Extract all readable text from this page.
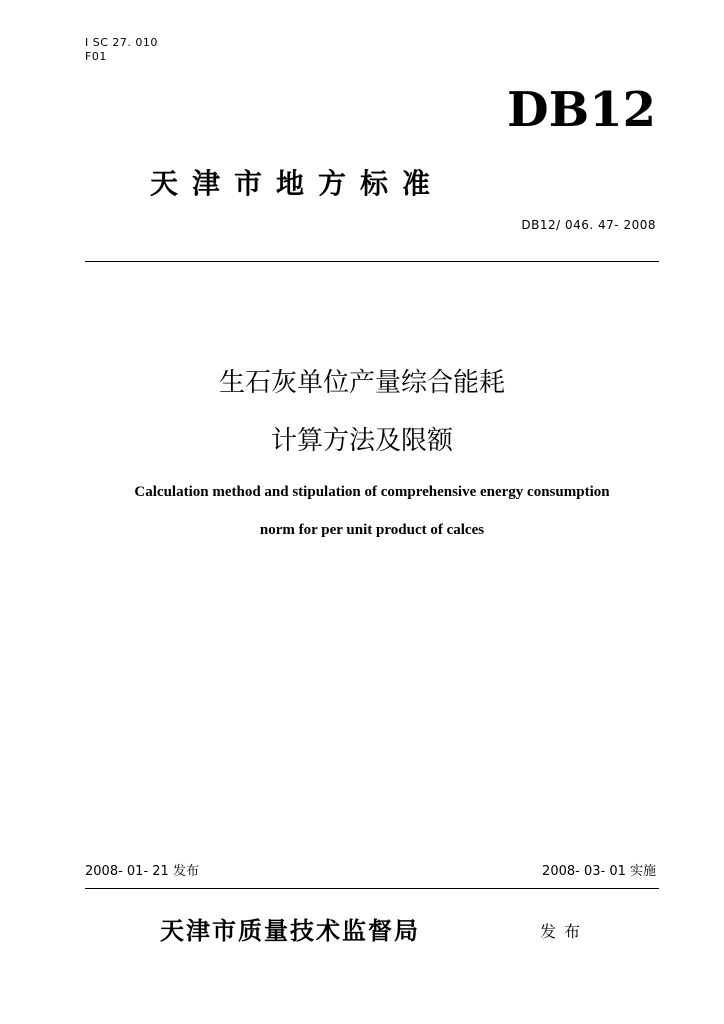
I SC 27. 010
F01
DB12
天津市地方标准
DB12/ 046. 47- 2008
生石灰单位产量综合能耗
计算方法及限额
Calculation method and stipulation of comprehensive energy consumption
norm for per unit product of calces
2008- 01- 21 发布	2008- 03- 01 实施
天津市质量技术监督局	发布
